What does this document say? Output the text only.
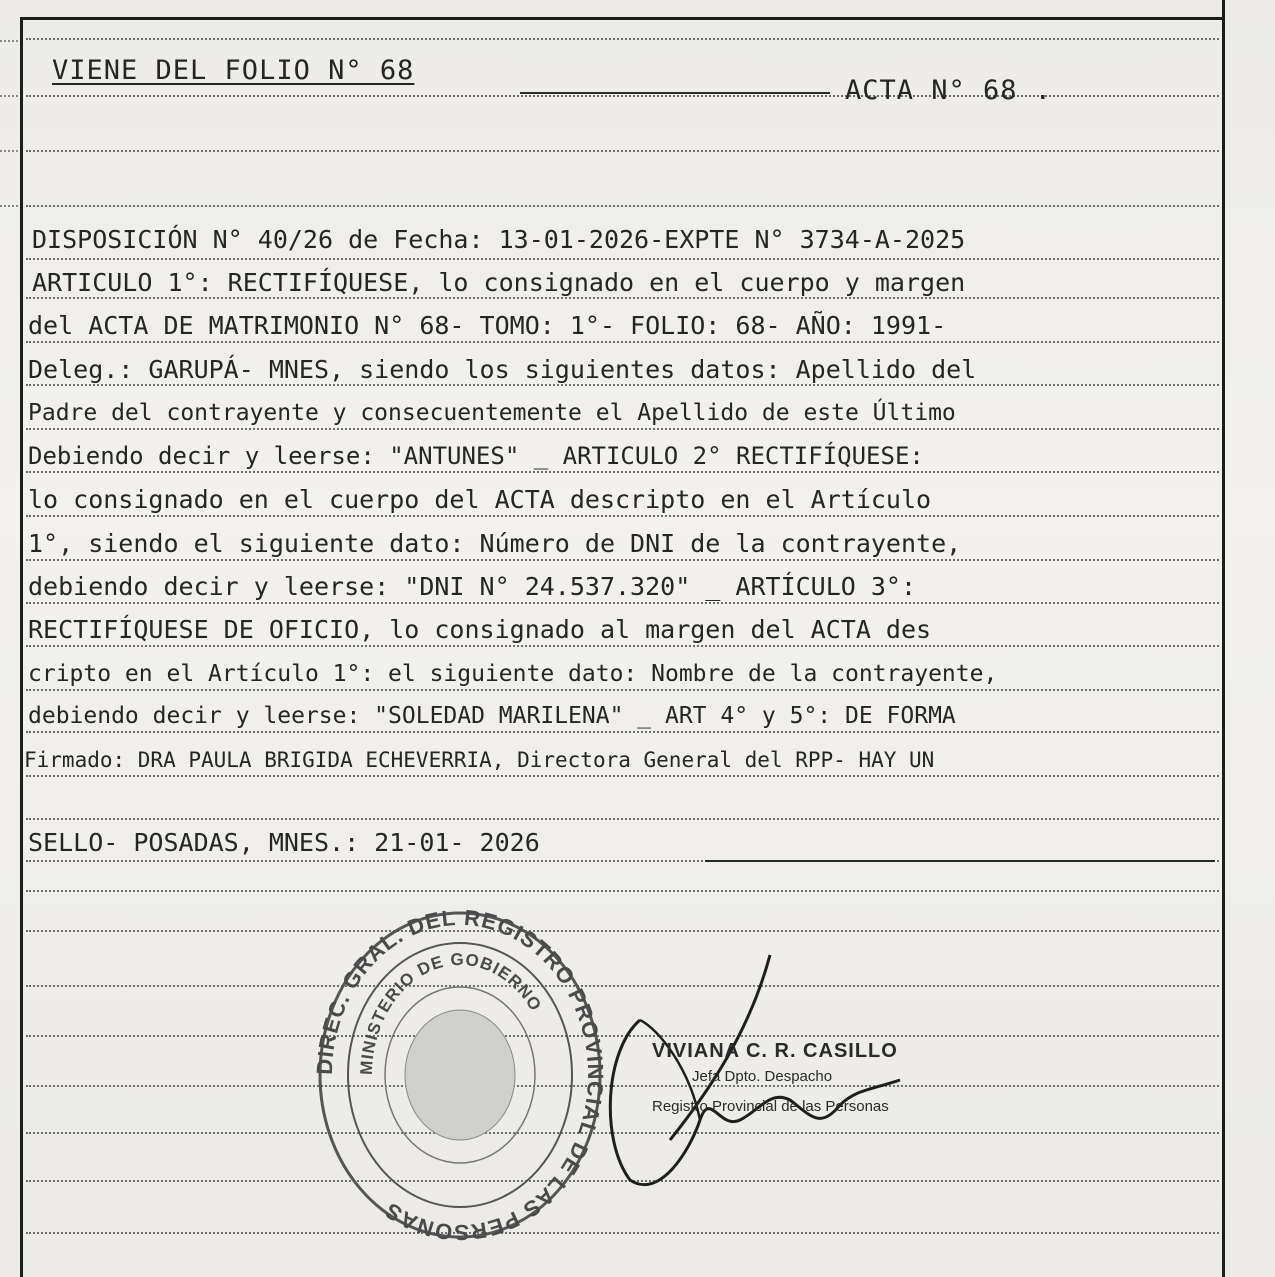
VIENE DEL FOLIO N° 68
ACTA N° 68 .
DISPOSICIÓN N° 40/26 de Fecha: 13-01-2026-EXPTE N° 3734-A-2025
ARTICULO 1°: RECTIFÍQUESE, lo consignado en el cuerpo y margen
del ACTA DE MATRIMONIO N° 68- TOMO: 1°- FOLIO: 68- AÑO: 1991-
Deleg.: GARUPÁ- MNES, siendo los siguientes datos: Apellido del
Padre del contrayente y consecuentemente el Apellido de este Último
Debiendo decir y leerse: "ANTUNES" _ ARTICULO 2° RECTIFÍQUESE:
lo consignado en el cuerpo del ACTA descripto en el Artículo
1°, siendo el siguiente dato: Número de DNI de la contrayente,
debiendo decir y leerse: "DNI N° 24.537.320" _ ARTÍCULO 3°:
RECTIFÍQUESE DE OFICIO, lo consignado al margen del ACTA des
cripto en el Artículo 1°: el siguiente dato: Nombre de la contrayente,
debiendo decir y leerse: "SOLEDAD MARILENA" _ ART 4° y 5°: DE FORMA
Firmado: DRA PAULA BRIGIDA ECHEVERRIA, Directora General del RPP- HAY UN
SELLO- POSADAS, MNES.: 21-01- 2026
DIREC. GRAL. DEL REGISTRO PROVINCIAL DE LAS PERSONAS
MINISTERIO DE GOBIERNO
VIVIANA C. R. CASILLO
Jefa Dpto. Despacho
Registro Provincial de las Personas
